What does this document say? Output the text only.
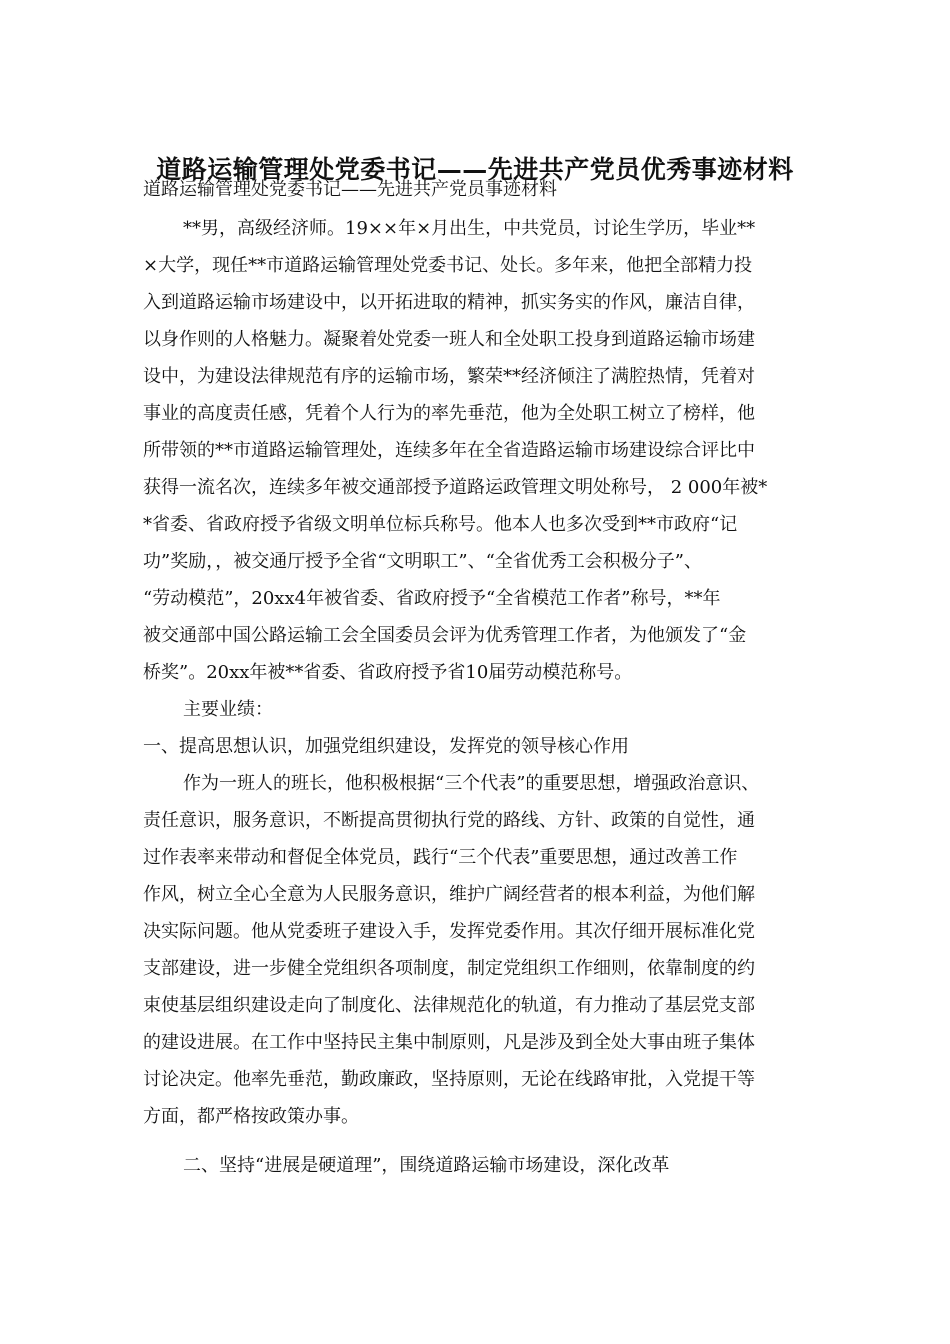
道路运输管理处党委书记——先进共产党员优秀事迹材料
道路运输管理处党委书记——先进共产党员事迹材料
**男，高级经济师。19××年×月出生，中共党员，讨论生学历，毕业**
×大学，现任**市道路运输管理处党委书记、处长。多年来，他把全部精力投
入到道路运输市场建设中，以开拓进取的精神，抓实务实的作风，廉洁自律，
以身作则的人格魅力。凝聚着处党委一班人和全处职工投身到道路运输市场建
设中，为建设法律规范有序的运输市场，繁荣**经济倾注了满腔热情，凭着对
事业的高度责任感，凭着个人行为的率先垂范，他为全处职工树立了榜样，他
所带领的**市道路运输管理处，连续多年在全省造路运输市场建设综合评比中
获得一流名次，连续多年被交通部授予道路运政管理文明处称号， 2 000年被*
*省委、省政府授予省级文明单位标兵称号。他本人也多次受到**市政府“记
功”奖励，，被交通厅授予全省“文明职工”、“全省优秀工会积极分子”、
“劳动模范”，20xx4年被省委、省政府授予“全省模范工作者”称号，**年
被交通部中国公路运输工会全国委员会评为优秀管理工作者，为他颁发了“金
桥奖”。20xx年被**省委、省政府授予省10届劳动模范称号。
主要业绩：
一、提高思想认识，加强党组织建设，发挥党的领导核心作用
作为一班人的班长，他积极根据“三个代表”的重要思想，增强政治意识、
责任意识，服务意识，不断提高贯彻执行党的路线、方针、政策的自觉性，通
过作表率来带动和督促全体党员，践行“三个代表”重要思想，通过改善工作
作风，树立全心全意为人民服务意识，维护广阔经营者的根本利益，为他们解
决实际问题。他从党委班子建设入手，发挥党委作用。其次仔细开展标准化党
支部建设，进一步健全党组织各项制度，制定党组织工作细则，依靠制度的约
束使基层组织建设走向了制度化、法律规范化的轨道，有力推动了基层党支部
的建设进展。在工作中坚持民主集中制原则，凡是涉及到全处大事由班子集体
讨论决定。他率先垂范，勤政廉政，坚持原则，无论在线路审批，入党提干等
方面，都严格按政策办事。
二、坚持“进展是硬道理”，围绕道路运输市场建设，深化改革
